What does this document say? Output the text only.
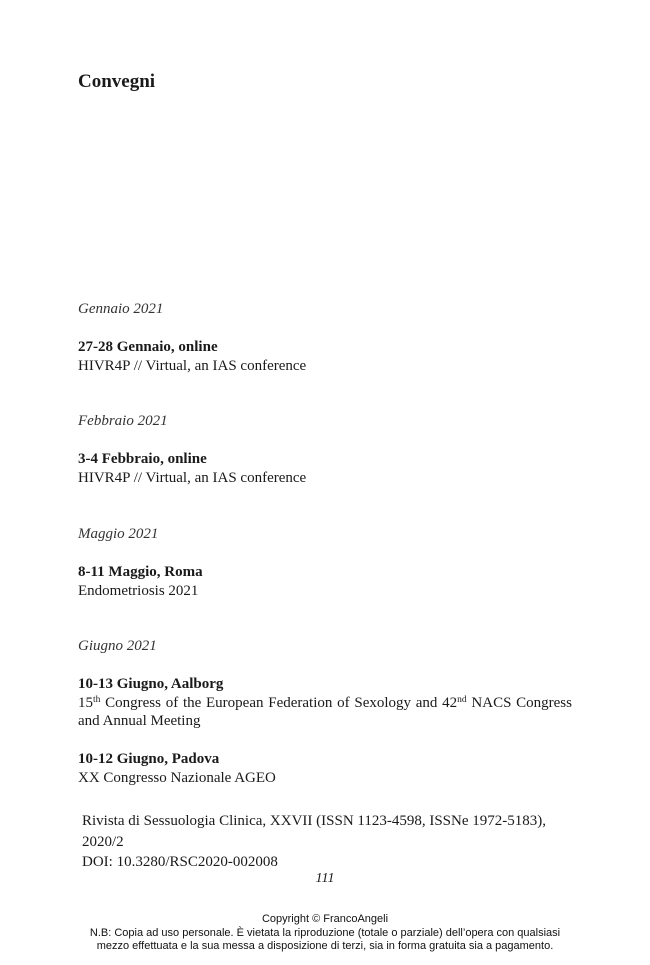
Convegni
Gennaio 2021
27-28 Gennaio, online
HIVR4P // Virtual, an IAS conference
Febbraio 2021
3-4 Febbraio, online
HIVR4P // Virtual, an IAS conference
Maggio 2021
8-11 Maggio, Roma
Endometriosis 2021
Giugno 2021
10-13 Giugno, Aalborg
15th Congress of the European Federation of Sexology and 42nd NACS Congress and Annual Meeting
10-12 Giugno, Padova
XX Congresso Nazionale AGEO
Rivista di Sessuologia Clinica, XXVII (ISSN 1123-4598, ISSNe 1972-5183),
2020/2
DOI: 10.3280/RSC2020-002008
111
Copyright © FrancoAngeli
N.B: Copia ad uso personale. È vietata la riproduzione (totale o parziale) dell’opera con qualsiasi
mezzo effettuata e la sua messa a disposizione di terzi, sia in forma gratuita sia a pagamento.
